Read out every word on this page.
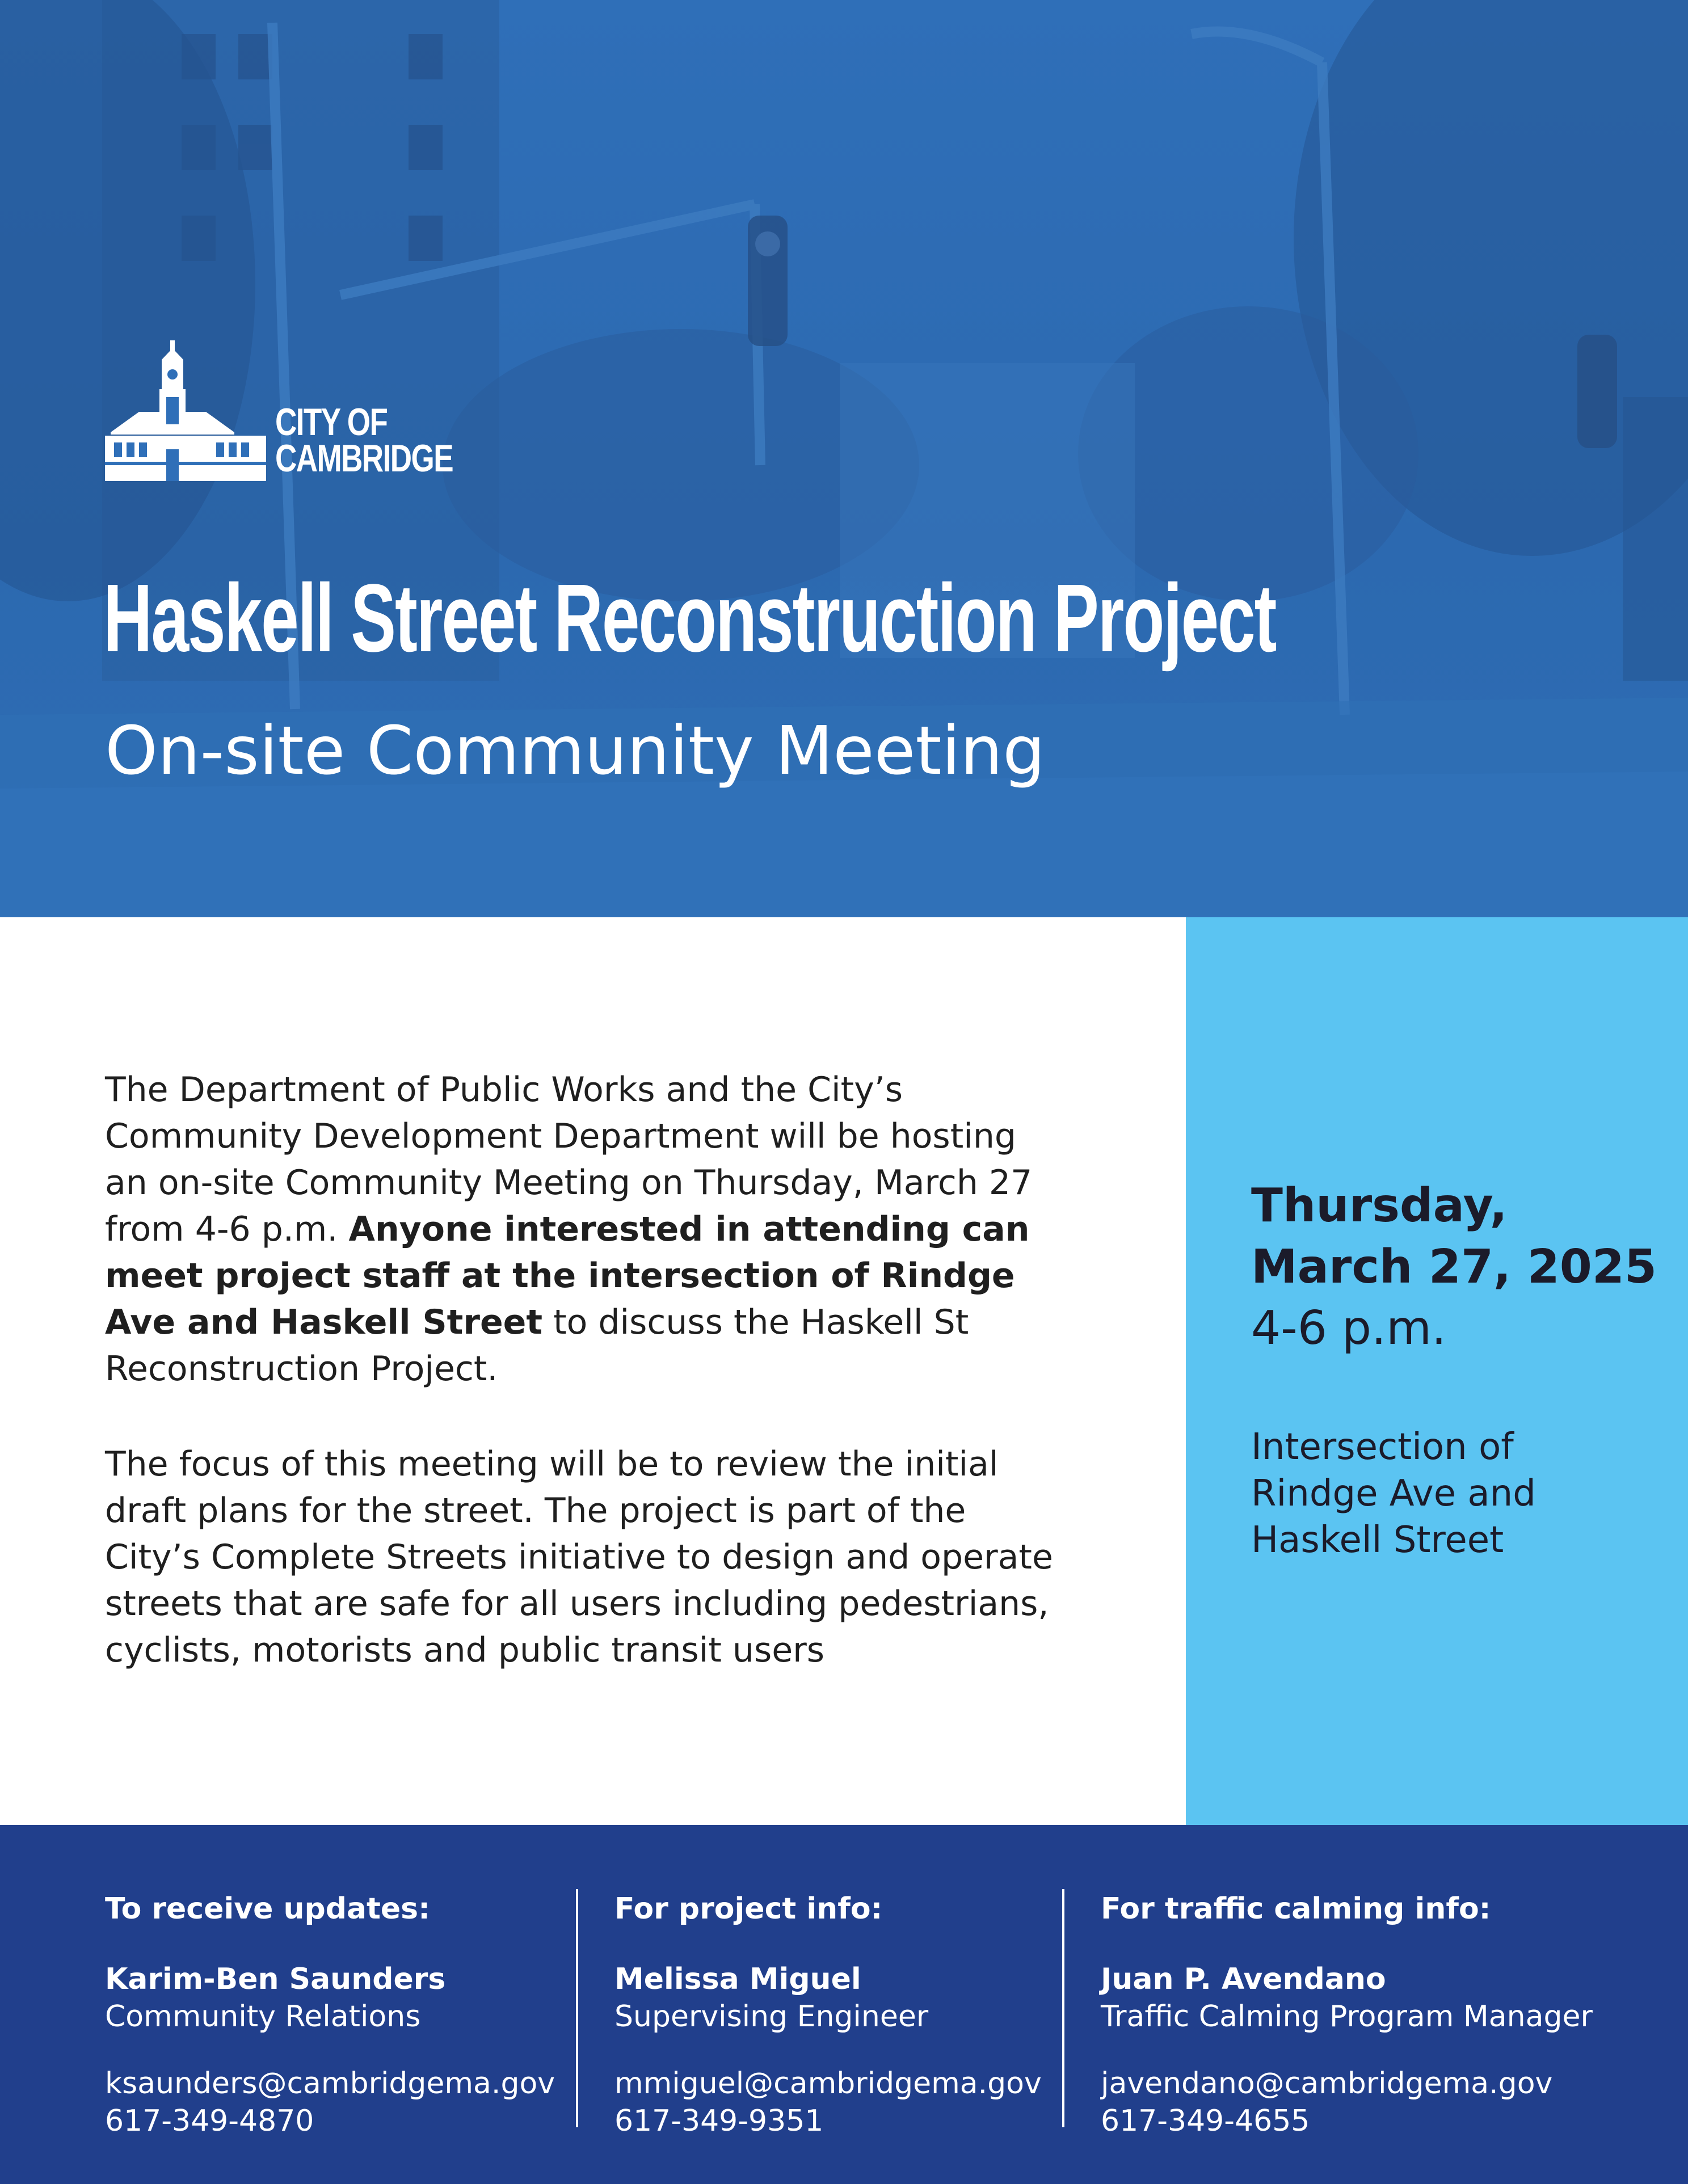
CITY OF
CAMBRIDGE
Haskell Street Reconstruction Project
On-site Community Meeting
The Department of Public Works and the City’s
Community Development Department will be hosting
an on-site Community Meeting on Thursday, March 27
from 4-6 p.m. Anyone interested in attending can
meet project staff at the intersection of Rindge
Ave and Haskell Street to discuss the Haskell St
Reconstruction Project.
The focus of this meeting will be to review the initial
draft plans for the street. The project is part of the
City’s Complete Streets initiative to design and operate
streets that are safe for all users including pedestrians,
cyclists, motorists and public transit users
Thursday,
March 27, 2025
4-6 p.m.
Intersection of
Rindge Ave and
Haskell Street
To receive updates:
Karim-Ben Saunders
Community Relations
ksaunders@cambridgema.gov
617-349-4870
For project info:
Melissa Miguel
Supervising Engineer
mmiguel@cambridgema.gov
617-349-9351
For traffic calming info:
Juan P. Avendano
Traffic Calming Program Manager
javendano@cambridgema.gov
617-349-4655
